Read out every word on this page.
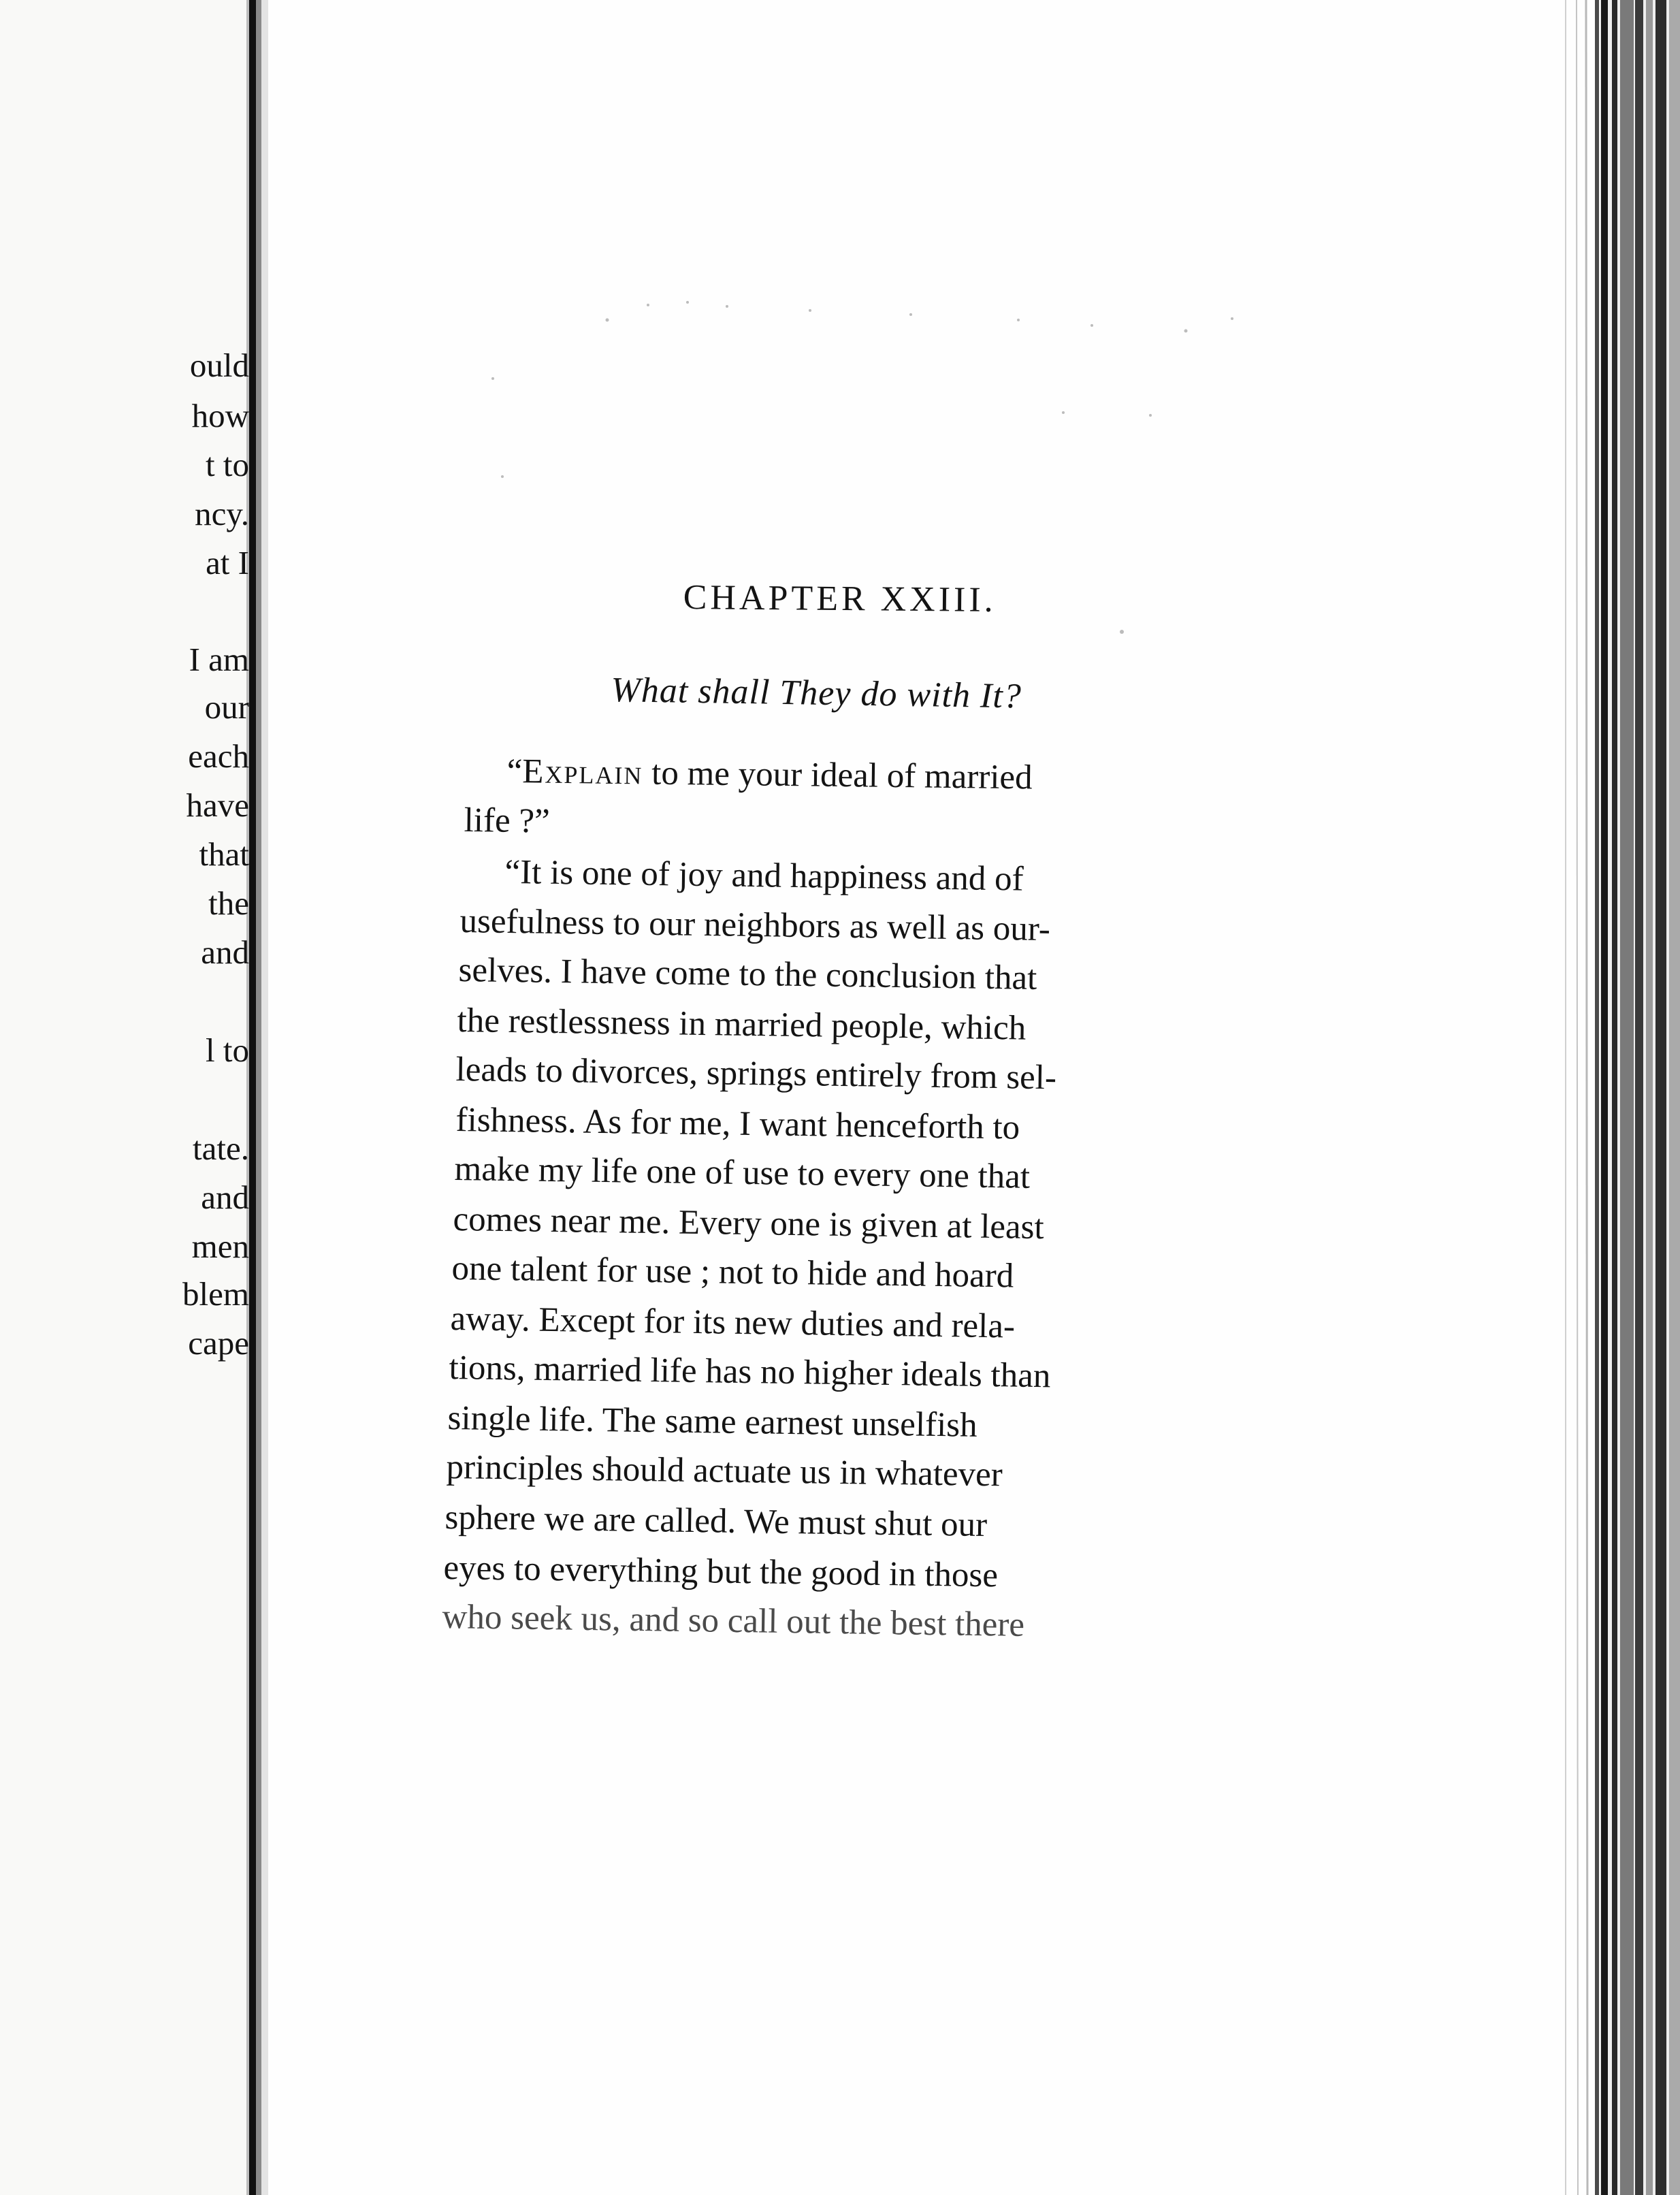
ould
how
t to
ncy.
at I
I am
our
each
have
that
the
and
l to
tate.
and
men
blem
cape
CHAPTER XXIII.
What shall They do with It?

“Explain to me your ideal of married

life ?”

“It is one of joy and happiness and of

usefulness to our neighbors as well as our-

selves. I have come to the conclusion that

the restlessness in married people, which

leads to divorces, springs entirely from sel-

fishness. As for me, I want henceforth to

make my life one of use to every one that

comes near me. Every one is given at least

one talent for use ; not to hide and hoard

away. Except for its new duties and rela-

tions, married life has no higher ideals than

single life. The same earnest unselfish

principles should actuate us in whatever

sphere we are called. We must shut our

eyes to everything but the good in those

who seek us, and so call out the best there
